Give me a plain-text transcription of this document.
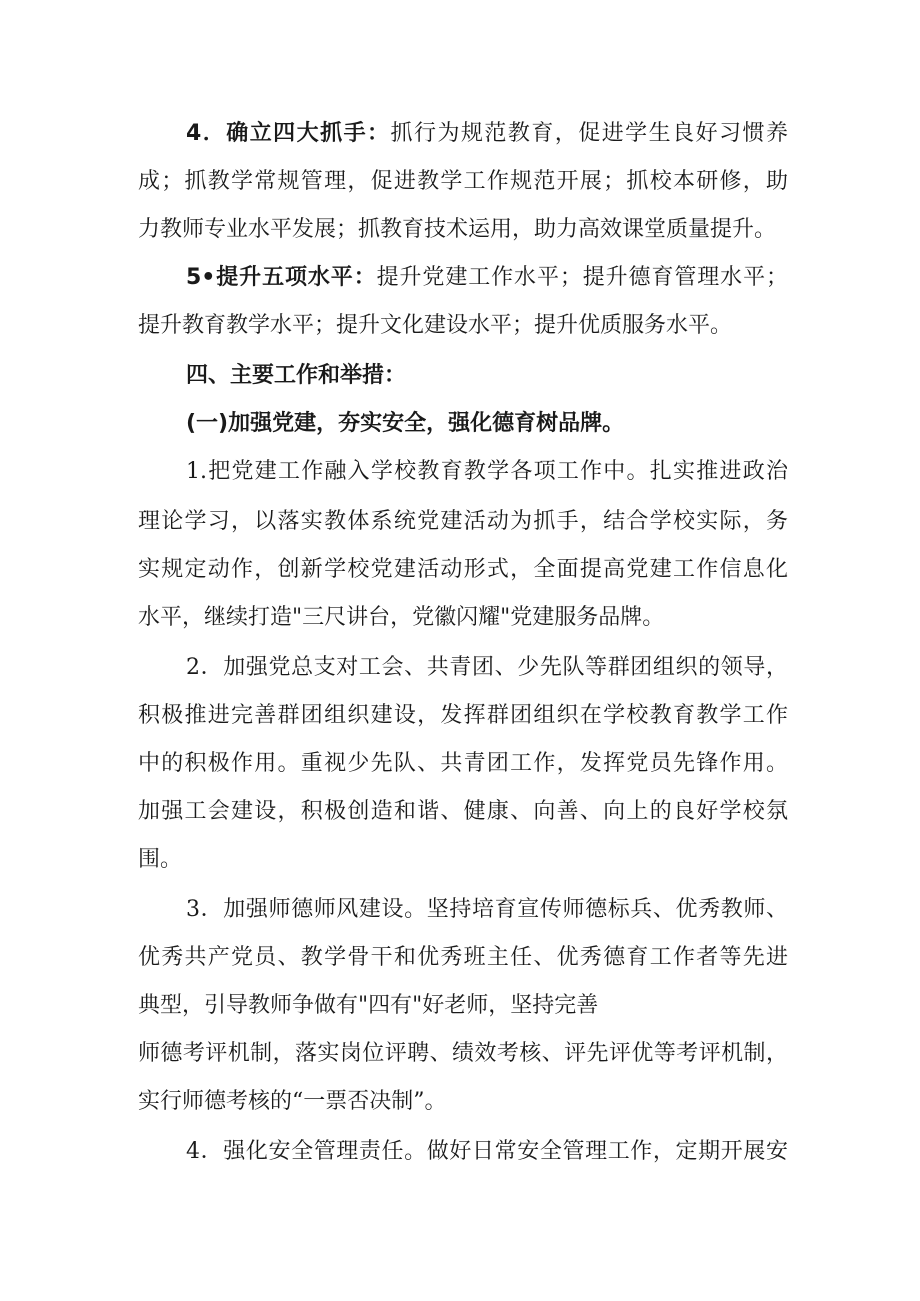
4．确立四大抓手：抓行为规范教育，促进学生良好习惯养
成；抓教学常规管理，促进教学工作规范开展；抓校本研修，助
力教师专业水平发展；抓教育技术运用，助力高效课堂质量提升。
5•提升五项水平：提升党建工作水平；提升德育管理水平；
提升教育教学水平；提升文化建设水平；提升优质服务水平。
四、主要工作和举措：
(一)加强党建，夯实安全，强化德育树品牌。
1.把党建工作融入学校教育教学各项工作中。扎实推进政治
理论学习，以落实教体系统党建活动为抓手，结合学校实际，务
实规定动作，创新学校党建活动形式，全面提高党建工作信息化
水平，继续打造"三尺讲台，党徽闪耀"党建服务品牌。
2．加强党总支对工会、共青团、少先队等群团组织的领导，
积极推进完善群团组织建设，发挥群团组织在学校教育教学工作
中的积极作用。重视少先队、共青团工作，发挥党员先锋作用。
加强工会建设，积极创造和谐、健康、向善、向上的良好学校氛
围。
3．加强师德师风建设。坚持培育宣传师德标兵、优秀教师、
优秀共产党员、教学骨干和优秀班主任、优秀德育工作者等先进
典型，引导教师争做有"四有"好老师，坚持完善
师德考评机制，落实岗位评聘、绩效考核、评先评优等考评机制，
实行师德考核的“一票否决制”。
4．强化安全管理责任。做好日常安全管理工作，定期开展安
